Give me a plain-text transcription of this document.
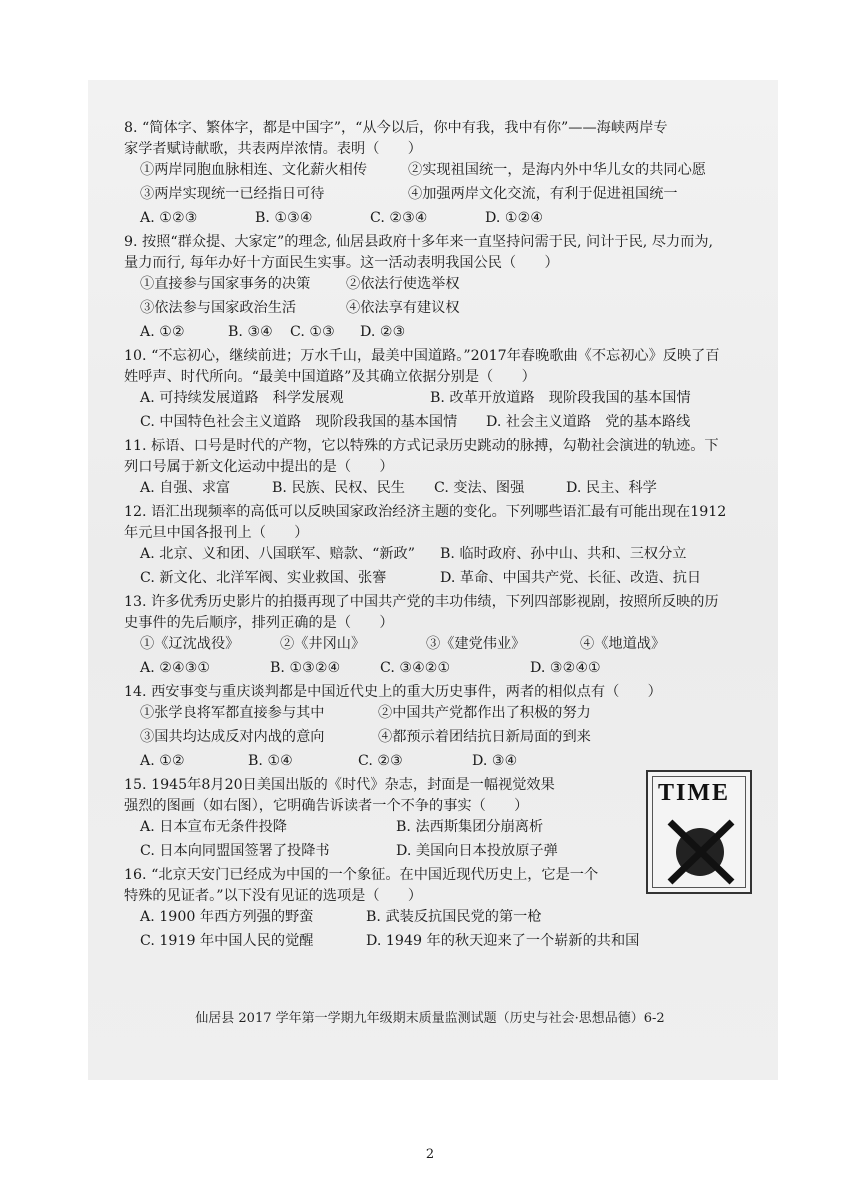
8. “简体字、繁体字，都是中国字”，“从今以后，你中有我，我中有你”——海峡两岸专

家学者赋诗献歌，共表两岸浓情。表明（　　）

①两岸同胞血脉相连、文化薪火相传	②实现祖国统一，是海内外中华儿女的共同心愿
③两岸实现统一已经指日可待	④加强两岸文化交流，有利于促进祖国统一
A. ①②③	B. ①③④	C. ②③④	D. ①②④

9. 按照“群众提、大家定”的理念, 仙居县政府十多年来一直坚持问需于民, 问计于民, 尽力而为,

量力而行, 每年办好十方面民生实事。这一活动表明我国公民（　　）

①直接参与国家事务的决策	②依法行使选举权
③依法参与国家政治生活	④依法享有建议权
A. ①②	B. ③④	C. ①③	D. ②③

10. “不忘初心，继续前进；万水千山，最美中国道路。”2017年春晚歌曲《不忘初心》反映了百

姓呼声、时代所向。“最美中国道路”及其确立依据分别是（　　）

A. 可持续发展道路　科学发展观	B. 改革开放道路　现阶段我国的基本国情
C. 中国特色社会主义道路　现阶段我国的基本国情	D. 社会主义道路　党的基本路线

11. 标语、口号是时代的产物，它以特殊的方式记录历史跳动的脉搏，勾勒社会演进的轨迹。下

列口号属于新文化运动中提出的是（　　）

A. 自强、求富	B. 民族、民权、民生	C. 变法、图强	D. 民主、科学

12. 语汇出现频率的高低可以反映国家政治经济主题的变化。下列哪些语汇最有可能出现在1912

年元旦中国各报刊上（　　）

A. 北京、义和团、八国联军、赔款、“新政”	B. 临时政府、孙中山、共和、三权分立
C. 新文化、北洋军阀、实业救国、张謇	D. 革命、中国共产党、长征、改造、抗日

13. 许多优秀历史影片的拍摄再现了中国共产党的丰功伟绩，下列四部影视剧，按照所反映的历

史事件的先后顺序，排列正确的是（　　）

①《辽沈战役》	②《井冈山》	③《建党伟业》	④《地道战》
A. ②④③①	B. ①③②④	C. ③④②①	D. ③②④①

14. 西安事变与重庆谈判都是中国近代史上的重大历史事件，两者的相似点有（　　）

①张学良将军都直接参与其中	②中国共产党都作出了积极的努力
③国共均达成反对内战的意向	④都预示着团结抗日新局面的到来
A. ①②	B. ①④	C. ②③	D. ③④

15. 1945年8月20日美国出版的《时代》杂志，封面是一幅视觉效果

强烈的图画（如右图），它明确告诉读者一个不争的事实（　　）

A. 日本宣布无条件投降	B. 法西斯集团分崩离析
C. 日本向同盟国签署了投降书	D. 美国向日本投放原子弹

16. “北京天安门已经成为中国的一个象征。在中国近现代历史上，它是一个

特殊的见证者。”以下没有见证的选项是（　　）

A. 1900 年西方列强的野蛮	B. 武装反抗国民党的第一枪
C. 1919 年中国人民的觉醒	D. 1949 年的秋天迎来了一个崭新的共和国
TIME
仙居县 2017 学年第一学期九年级期末质量监测试题（历史与社会·思想品德）6-2
2
